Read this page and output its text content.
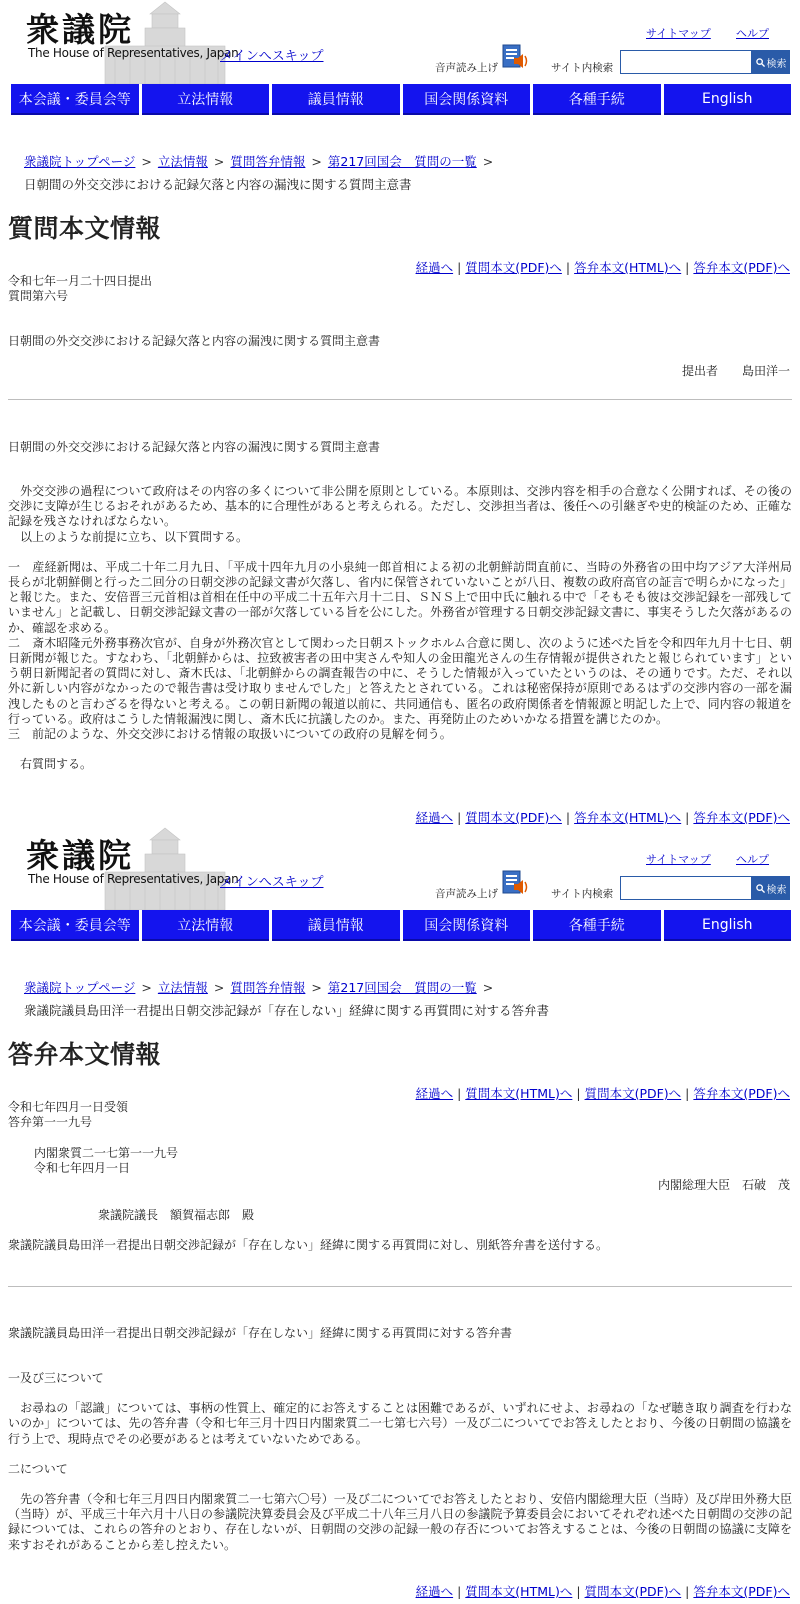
衆議院
The House of Representatives, Japan
メインへスキップ
サイトマップ ヘルプ
音声読み上げ	サイト内検索	検索
本会議・委員会等	立法情報	議員情報	国会関係資料	各種手続	English
衆議院トップページ > 立法情報 > 質問答弁情報 > 第217回国会　質問の一覧 >
日朝間の外交交渉における記録欠落と内容の漏洩に関する質問主意書
質問本文情報
経過へ | 質問本文(PDF)へ | 答弁本文(HTML)へ | 答弁本文(PDF)へ
令和七年一月二十四日提出
質問第六号
日朝間の外交交渉における記録欠落と内容の漏洩に関する質問主意書
提出者　　島田洋一
日朝間の外交交渉における記録欠落と内容の漏洩に関する質問主意書

　外交交渉の過程について政府はその内容の多くについて非公開を原則としている。本原則は、交渉内容を相手の合意なく公開すれば、その後の交渉に支障が生じるおそれがあるため、基本的に合理性があると考えられる。ただし、交渉担当者は、後任への引継ぎや史的検証のため、正確な記録を残さなければならない。

　以上のような前提に立ち、以下質問する。

一　産経新聞は、平成二十年二月九日、「平成十四年九月の小泉純一郎首相による初の北朝鮮訪問直前に、当時の外務省の田中均アジア大洋州局長らが北朝鮮側と行った二回分の日朝交渉の記録文書が欠落し、省内に保管されていないことが八日、複数の政府高官の証言で明らかになった」と報じた。また、安倍晋三元首相は首相在任中の平成二十五年六月十二日、ＳＮＳ上で田中氏に触れる中で「そもそも彼は交渉記録を一部残していません」と記載し、日朝交渉記録文書の一部が欠落している旨を公にした。外務省が管理する日朝交渉記録文書に、事実そうした欠落があるのか、確認を求める。

二　斎木昭隆元外務事務次官が、自身が外務次官として関わった日朝ストックホルム合意に関し、次のように述べた旨を令和四年九月十七日、朝日新聞が報じた。すなわち、「北朝鮮からは、拉致被害者の田中実さんや知人の金田龍光さんの生存情報が提供されたと報じられています」という朝日新聞記者の質問に対し、斎木氏は、「北朝鮮からの調査報告の中に、そうした情報が入っていたというのは、その通りです。ただ、それ以外に新しい内容がなかったので報告書は受け取りませんでした」と答えたとされている。これは秘密保持が原則であるはずの交渉内容の一部を漏洩したものと言わざるを得ないと考える。この朝日新聞の報道以前に、共同通信も、匿名の政府関係者を情報源と明記した上で、同内容の報道を行っている。政府はこうした情報漏洩に関し、斎木氏に抗議したのか。また、再発防止のためいかなる措置を講じたのか。

三　前記のような、外交交渉における情報の取扱いについての政府の見解を伺う。

　右質問する。

経過へ | 質問本文(PDF)へ | 答弁本文(HTML)へ | 答弁本文(PDF)へ
衆議院
The House of Representatives, Japan
メインへスキップ
サイトマップ ヘルプ
音声読み上げ	サイト内検索	検索
本会議・委員会等	立法情報	議員情報	国会関係資料	各種手続	English
衆議院トップページ > 立法情報 > 質問答弁情報 > 第217回国会　質問の一覧 >
衆議院議員島田洋一君提出日朝交渉記録が「存在しない」経緯に関する再質問に対する答弁書
答弁本文情報
経過へ | 質問本文(HTML)へ | 質問本文(PDF)へ | 答弁本文(PDF)へ
令和七年四月一日受領
答弁第一一九号
内閣衆質二一七第一一九号
令和七年四月一日
内閣総理大臣　石破　茂
衆議院議長　額賀福志郎　殿
衆議院議員島田洋一君提出日朝交渉記録が「存在しない」経緯に関する再質問に対し、別紙答弁書を送付する。
衆議院議員島田洋一君提出日朝交渉記録が「存在しない」経緯に関する再質問に対する答弁書

一及び三について

　お尋ねの「認識」については、事柄の性質上、確定的にお答えすることは困難であるが、いずれにせよ、お尋ねの「なぜ聴き取り調査を行わないのか」については、先の答弁書（令和七年三月十四日内閣衆質二一七第七六号）一及び二についてでお答えしたとおり、今後の日朝間の協議を行う上で、現時点でその必要があるとは考えていないためである。

二について

　先の答弁書（令和七年三月四日内閣衆質二一七第六〇号）一及び二についてでお答えしたとおり、安倍内閣総理大臣（当時）及び岸田外務大臣（当時）が、平成三十年六月十八日の参議院決算委員会及び平成二十八年三月八日の参議院予算委員会においてそれぞれ述べた日朝間の交渉の記録については、これらの答弁のとおり、存在しないが、日朝間の交渉の記録一般の存否についてお答えすることは、今後の日朝間の協議に支障を来すおそれがあることから差し控えたい。

経過へ | 質問本文(HTML)へ | 質問本文(PDF)へ | 答弁本文(PDF)へ
